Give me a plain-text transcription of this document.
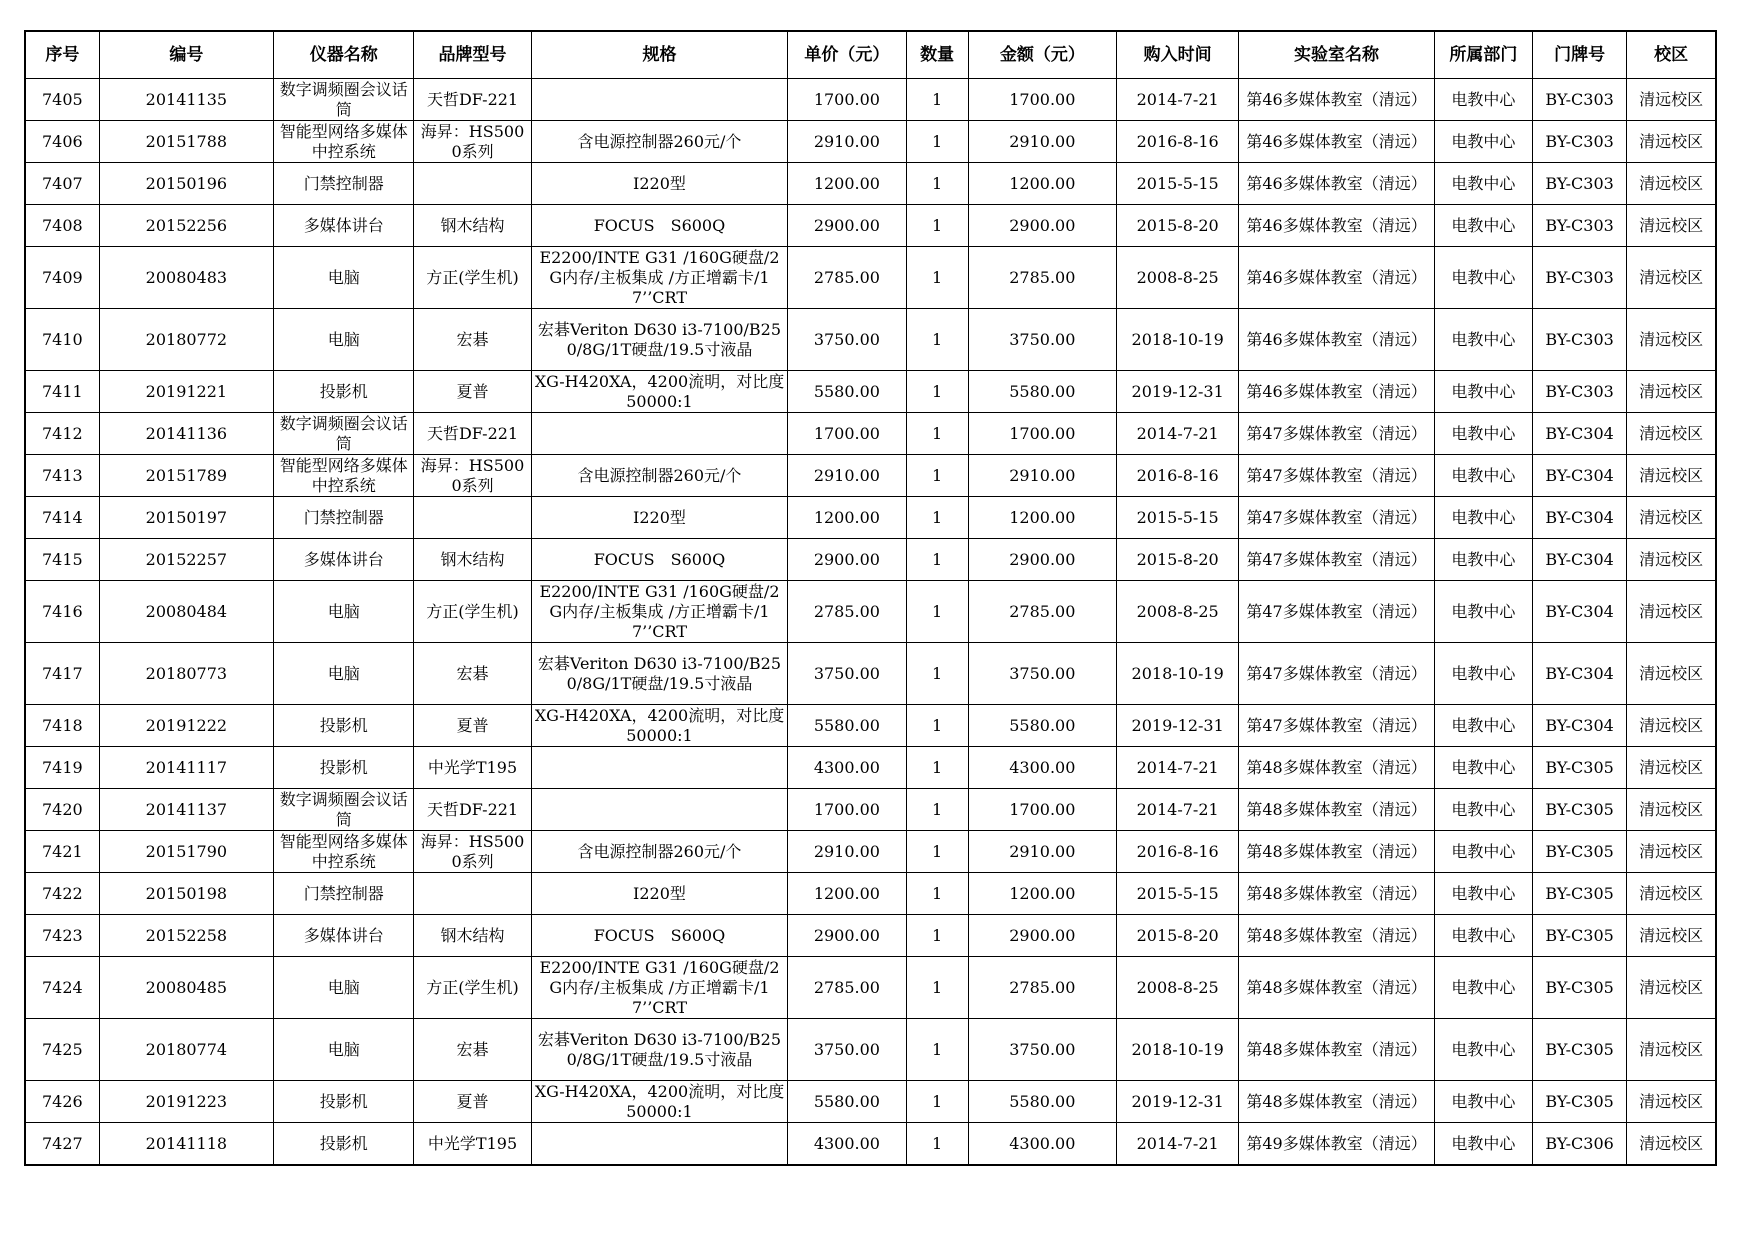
序号	编号	仪器名称	品牌型号	规格	单价（元）	数量	金额（元）	购入时间	实验室名称	所属部门	门牌号	校区
7405	20141135	数字调频圈会议话筒	天哲DF-221		1700.00	1	1700.00	2014-7-21	第46多媒体教室（清远）	电教中心	BY-C303	清远校区
7406	20151788	智能型网络多媒体中控系统	海昇：HS5000系列	含电源控制器260元/个	2910.00	1	2910.00	2016-8-16	第46多媒体教室（清远）	电教中心	BY-C303	清远校区
7407	20150196	门禁控制器		I220型	1200.00	1	1200.00	2015-5-15	第46多媒体教室（清远）	电教中心	BY-C303	清远校区
7408	20152256	多媒体讲台	钢木结构	FOCUS　S600Q	2900.00	1	2900.00	2015-8-20	第46多媒体教室（清远）	电教中心	BY-C303	清远校区
7409	20080483	电脑	方正(学生机)	E2200/INTE G31 /160G硬盘/2G内存/主板集成 /方正增霸卡/17’’CRT	2785.00	1	2785.00	2008-8-25	第46多媒体教室（清远）	电教中心	BY-C303	清远校区
7410	20180772	电脑	宏碁	宏碁Veriton D630 i3-7100/B250/8G/1T硬盘/19.5寸液晶	3750.00	1	3750.00	2018-10-19	第46多媒体教室（清远）	电教中心	BY-C303	清远校区
7411	20191221	投影机	夏普	XG-H420XA，4200流明，对比度50000:1	5580.00	1	5580.00	2019-12-31	第46多媒体教室（清远）	电教中心	BY-C303	清远校区
7412	20141136	数字调频圈会议话筒	天哲DF-221		1700.00	1	1700.00	2014-7-21	第47多媒体教室（清远）	电教中心	BY-C304	清远校区
7413	20151789	智能型网络多媒体中控系统	海昇：HS5000系列	含电源控制器260元/个	2910.00	1	2910.00	2016-8-16	第47多媒体教室（清远）	电教中心	BY-C304	清远校区
7414	20150197	门禁控制器		I220型	1200.00	1	1200.00	2015-5-15	第47多媒体教室（清远）	电教中心	BY-C304	清远校区
7415	20152257	多媒体讲台	钢木结构	FOCUS　S600Q	2900.00	1	2900.00	2015-8-20	第47多媒体教室（清远）	电教中心	BY-C304	清远校区
7416	20080484	电脑	方正(学生机)	E2200/INTE G31 /160G硬盘/2G内存/主板集成 /方正增霸卡/17’’CRT	2785.00	1	2785.00	2008-8-25	第47多媒体教室（清远）	电教中心	BY-C304	清远校区
7417	20180773	电脑	宏碁	宏碁Veriton D630 i3-7100/B250/8G/1T硬盘/19.5寸液晶	3750.00	1	3750.00	2018-10-19	第47多媒体教室（清远）	电教中心	BY-C304	清远校区
7418	20191222	投影机	夏普	XG-H420XA，4200流明，对比度50000:1	5580.00	1	5580.00	2019-12-31	第47多媒体教室（清远）	电教中心	BY-C304	清远校区
7419	20141117	投影机	中光学T195		4300.00	1	4300.00	2014-7-21	第48多媒体教室（清远）	电教中心	BY-C305	清远校区
7420	20141137	数字调频圈会议话筒	天哲DF-221		1700.00	1	1700.00	2014-7-21	第48多媒体教室（清远）	电教中心	BY-C305	清远校区
7421	20151790	智能型网络多媒体中控系统	海昇：HS5000系列	含电源控制器260元/个	2910.00	1	2910.00	2016-8-16	第48多媒体教室（清远）	电教中心	BY-C305	清远校区
7422	20150198	门禁控制器		I220型	1200.00	1	1200.00	2015-5-15	第48多媒体教室（清远）	电教中心	BY-C305	清远校区
7423	20152258	多媒体讲台	钢木结构	FOCUS　S600Q	2900.00	1	2900.00	2015-8-20	第48多媒体教室（清远）	电教中心	BY-C305	清远校区
7424	20080485	电脑	方正(学生机)	E2200/INTE G31 /160G硬盘/2G内存/主板集成 /方正增霸卡/17’’CRT	2785.00	1	2785.00	2008-8-25	第48多媒体教室（清远）	电教中心	BY-C305	清远校区
7425	20180774	电脑	宏碁	宏碁Veriton D630 i3-7100/B250/8G/1T硬盘/19.5寸液晶	3750.00	1	3750.00	2018-10-19	第48多媒体教室（清远）	电教中心	BY-C305	清远校区
7426	20191223	投影机	夏普	XG-H420XA，4200流明，对比度50000:1	5580.00	1	5580.00	2019-12-31	第48多媒体教室（清远）	电教中心	BY-C305	清远校区
7427	20141118	投影机	中光学T195		4300.00	1	4300.00	2014-7-21	第49多媒体教室（清远）	电教中心	BY-C306	清远校区
